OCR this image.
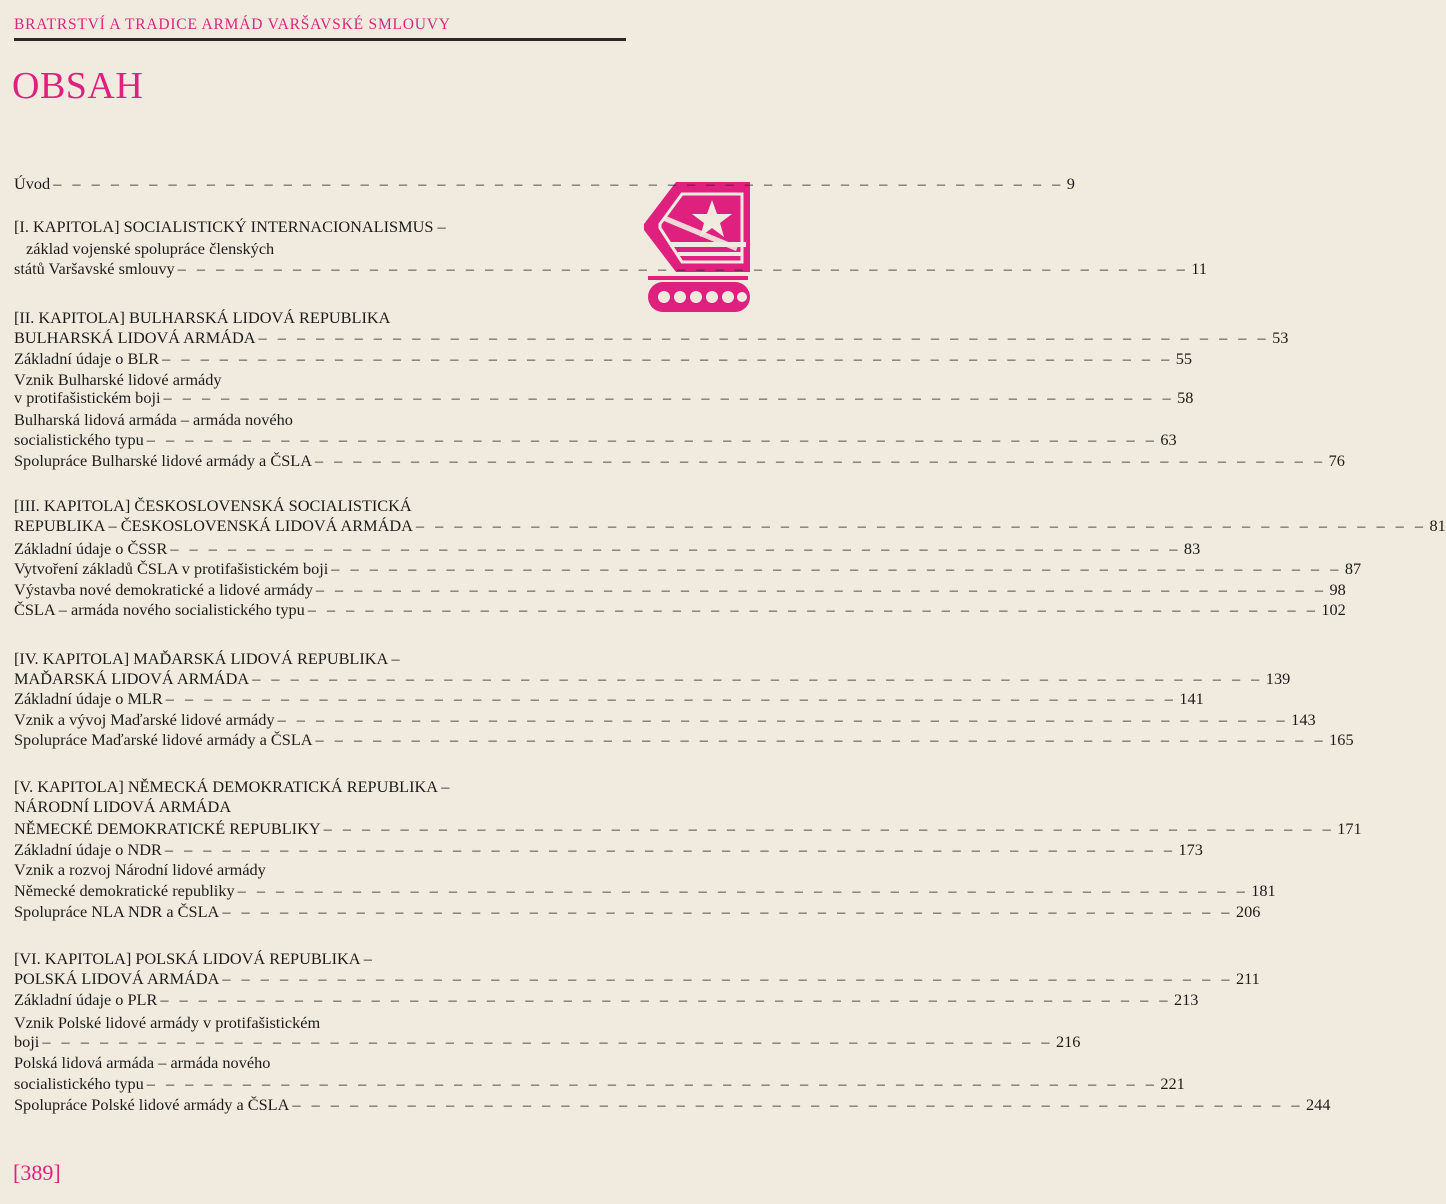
BRATRSTVÍ A TRADICE ARMÁD VARŠAVSKÉ SMLOUVY
OBSAH
Úvod – – – – – – – – – – – – – – – – – – – – – – – – – – – – – – – – – – – – – – – – – – – – – – – – – – – – – 9
[I. KAPITOLA] SOCIALISTICKÝ INTERNACIONALISMUS –
základ vojenské spolupráce členských
států Varšavské smlouvy – – – – – – – – – – – – – – – – – – – – – – – – – – – – – – – – – – – – – – – – – – – – – – – – – – – – – 11
[II. KAPITOLA] BULHARSKÁ LIDOVÁ REPUBLIKA
BULHARSKÁ LIDOVÁ ARMÁDA – – – – – – – – – – – – – – – – – – – – – – – – – – – – – – – – – – – – – – – – – – – – – – – – – – – – – 53
Základní údaje o BLR – – – – – – – – – – – – – – – – – – – – – – – – – – – – – – – – – – – – – – – – – – – – – – – – – – – – – 55
Vznik Bulharské lidové armády
v protifašistickém boji – – – – – – – – – – – – – – – – – – – – – – – – – – – – – – – – – – – – – – – – – – – – – – – – – – – – – 58
Bulharská lidová armáda – armáda nového
socialistického typu – – – – – – – – – – – – – – – – – – – – – – – – – – – – – – – – – – – – – – – – – – – – – – – – – – – – – 63
Spolupráce Bulharské lidové armády a ČSLA – – – – – – – – – – – – – – – – – – – – – – – – – – – – – – – – – – – – – – – – – – – – – – – – – – – – – 76
[III. KAPITOLA] ČESKOSLOVENSKÁ SOCIALISTICKÁ
REPUBLIKA – ČESKOSLOVENSKÁ LIDOVÁ ARMÁDA – – – – – – – – – – – – – – – – – – – – – – – – – – – – – – – – – – – – – – – – – – – – – – – – – – – – – 81
Základní údaje o ČSSR – – – – – – – – – – – – – – – – – – – – – – – – – – – – – – – – – – – – – – – – – – – – – – – – – – – – – 83
Vytvoření základů ČSLA v protifašistickém boji – – – – – – – – – – – – – – – – – – – – – – – – – – – – – – – – – – – – – – – – – – – – – – – – – – – – – 87
Výstavba nové demokratické a lidové armády – – – – – – – – – – – – – – – – – – – – – – – – – – – – – – – – – – – – – – – – – – – – – – – – – – – – – 98
ČSLA – armáda nového socialistického typu – – – – – – – – – – – – – – – – – – – – – – – – – – – – – – – – – – – – – – – – – – – – – – – – – – – – – 102
[IV. KAPITOLA] MAĎARSKÁ LIDOVÁ REPUBLIKA –
MAĎARSKÁ LIDOVÁ ARMÁDA – – – – – – – – – – – – – – – – – – – – – – – – – – – – – – – – – – – – – – – – – – – – – – – – – – – – – 139
Základní údaje o MLR – – – – – – – – – – – – – – – – – – – – – – – – – – – – – – – – – – – – – – – – – – – – – – – – – – – – – 141
Vznik a vývoj Maďarské lidové armády – – – – – – – – – – – – – – – – – – – – – – – – – – – – – – – – – – – – – – – – – – – – – – – – – – – – – 143
Spolupráce Maďarské lidové armády a ČSLA – – – – – – – – – – – – – – – – – – – – – – – – – – – – – – – – – – – – – – – – – – – – – – – – – – – – – 165
[V. KAPITOLA] NĚMECKÁ DEMOKRATICKÁ REPUBLIKA –
NÁRODNÍ LIDOVÁ ARMÁDA
NĚMECKÉ DEMOKRATICKÉ REPUBLIKY – – – – – – – – – – – – – – – – – – – – – – – – – – – – – – – – – – – – – – – – – – – – – – – – – – – – – 171
Základní údaje o NDR – – – – – – – – – – – – – – – – – – – – – – – – – – – – – – – – – – – – – – – – – – – – – – – – – – – – – 173
Vznik a rozvoj Národní lidové armády
Německé demokratické republiky – – – – – – – – – – – – – – – – – – – – – – – – – – – – – – – – – – – – – – – – – – – – – – – – – – – – – 181
Spolupráce NLA NDR a ČSLA – – – – – – – – – – – – – – – – – – – – – – – – – – – – – – – – – – – – – – – – – – – – – – – – – – – – – 206
[VI. KAPITOLA] POLSKÁ LIDOVÁ REPUBLIKA –
POLSKÁ LIDOVÁ ARMÁDA – – – – – – – – – – – – – – – – – – – – – – – – – – – – – – – – – – – – – – – – – – – – – – – – – – – – – 211
Základní údaje o PLR – – – – – – – – – – – – – – – – – – – – – – – – – – – – – – – – – – – – – – – – – – – – – – – – – – – – – 213
Vznik Polské lidové armády v protifašistickém
boji – – – – – – – – – – – – – – – – – – – – – – – – – – – – – – – – – – – – – – – – – – – – – – – – – – – – – 216
Polská lidová armáda – armáda nového
socialistického typu – – – – – – – – – – – – – – – – – – – – – – – – – – – – – – – – – – – – – – – – – – – – – – – – – – – – – 221
Spolupráce Polské lidové armády a ČSLA – – – – – – – – – – – – – – – – – – – – – – – – – – – – – – – – – – – – – – – – – – – – – – – – – – – – – 244
[389]
